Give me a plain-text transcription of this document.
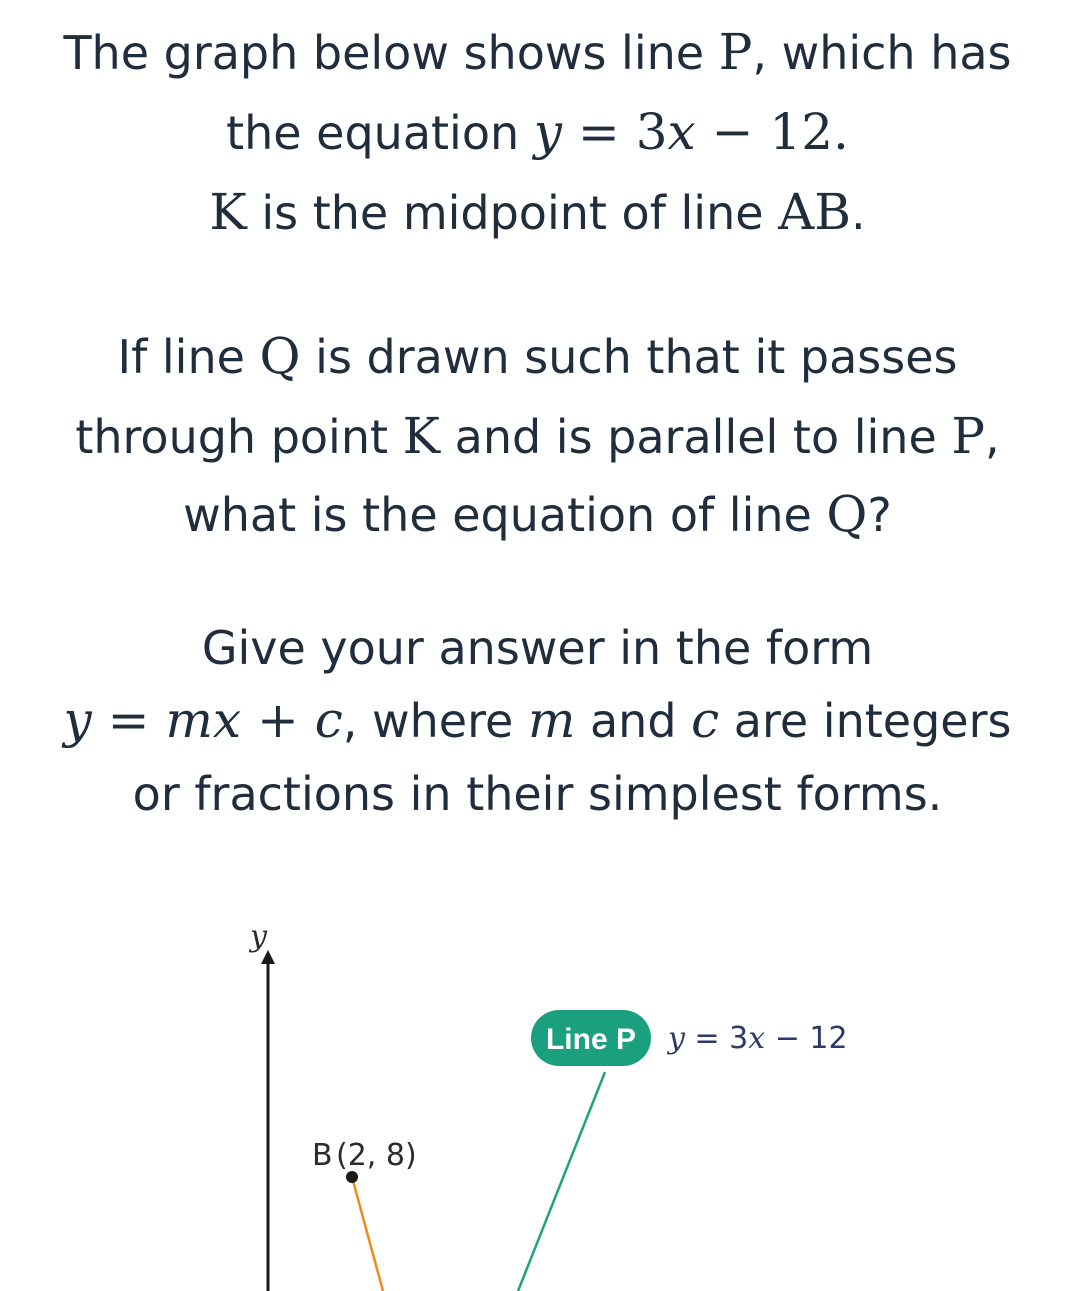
The graph below shows line P, which has

the equation y = 3x − 12.

K is the midpoint of line AB.

If line Q is drawn such that it passes

through point K and is parallel to line P,

what is the equation of line Q?

Give your answer in the form

y = mx + c, where m and c are integers

or fractions in their simplest forms.

y
Line P y = 3x − 12
B (2, 8)
